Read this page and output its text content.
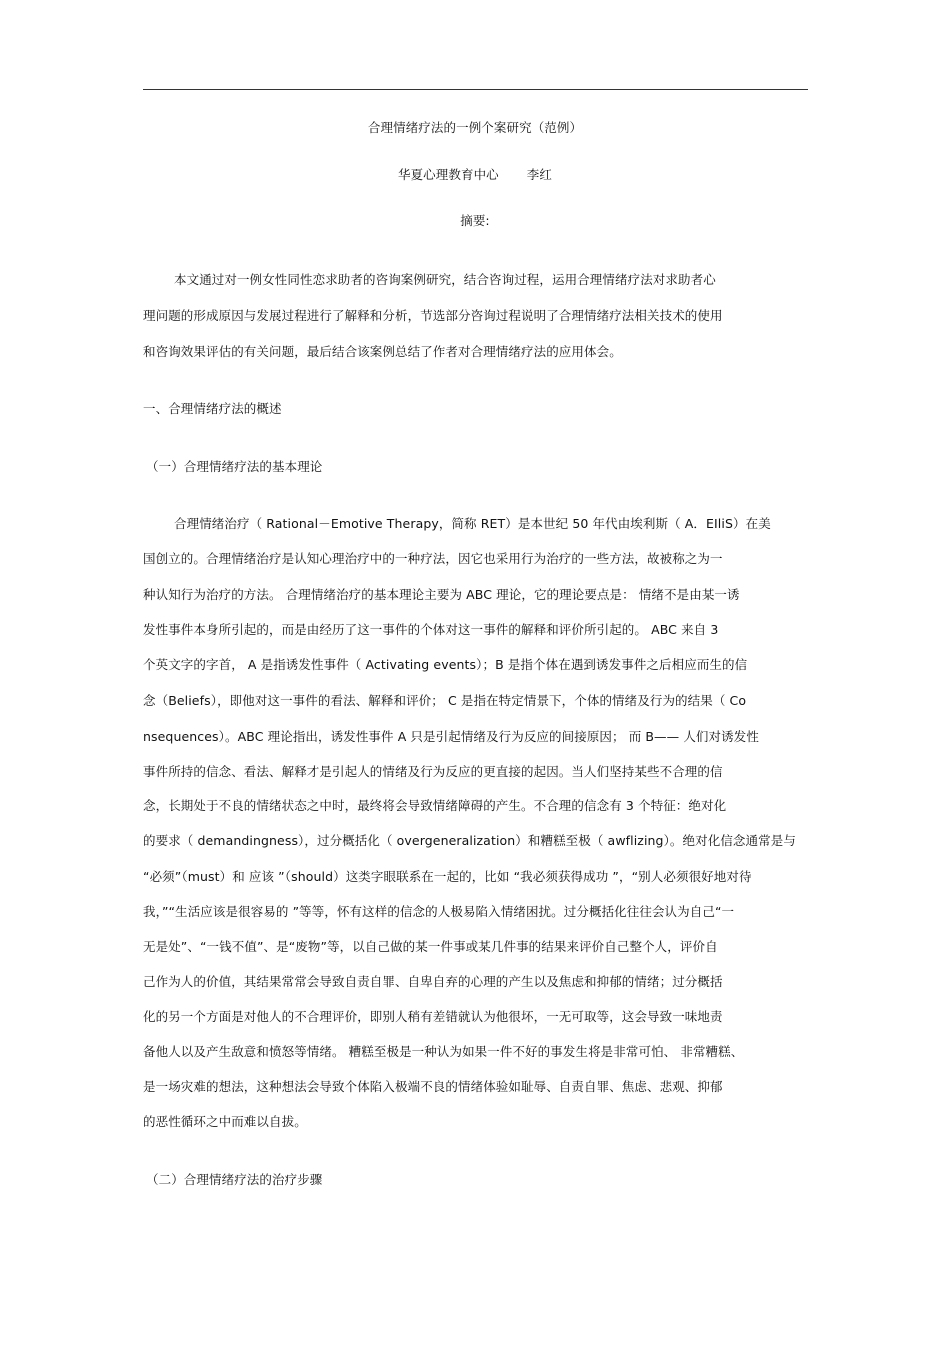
合理情绪疗法的一例个案研究（范例）
华夏心理教育中心 李红
摘要:
本文通过对一例女性同性恋求助者的咨询案例研究，结合咨询过程，运用合理情绪疗法对求助者心
理问题的形成原因与发展过程进行了解释和分析，节选部分咨询过程说明了合理情绪疗法相关技术的使用
和咨询效果评估的有关问题，最后结合该案例总结了作者对合理情绪疗法的应用体会。
一、合理情绪疗法的概述
（一）合理情绪疗法的基本理论
合理情绪治疗（ Rational－Emotive Therapy，简称 RET）是本世纪 50 年代由埃利斯（ A．EIliS）在美
国创立的。合理情绪治疗是认知心理治疗中的一种疗法，因它也采用行为治疗的一些方法，故被称之为一
种认知行为治疗的方法。 合理情绪治疗的基本理论主要为 ABC 理论，它的理论要点是： 情绪不是由某一诱
发性事件本身所引起的，而是由经历了这一事件的个体对这一事件的解释和评价所引起的。 ABC 来自 3
个英文字的字首， A 是指诱发性事件（ Activating events）；B 是指个体在遇到诱发事件之后相应而生的信
念（Beliefs），即他对这一事件的看法、解释和评价； C 是指在特定情景下，个体的情绪及行为的结果（ Co
nsequences）。ABC 理论指出，诱发性事件 A 只是引起情绪及行为反应的间接原因； 而 B—— 人们对诱发性
事件所持的信念、看法、解释才是引起人的情绪及行为反应的更直接的起因。当人们坚持某些不合理的信
念，长期处于不良的情绪状态之中时，最终将会导致情绪障碍的产生。不合理的信念有 3 个特征：绝对化
的要求（ demandingness），过分概括化（ overgeneralization）和糟糕至极（ awflizing）。绝对化信念通常是与
“必须”（must）和 应该 ”（should）这类字眼联系在一起的，比如 “我必须获得成功 ”，“别人必须很好地对待
我，”“生活应该是很容易的 ”等等，怀有这样的信念的人极易陷入情绪困扰。过分概括化往往会认为自己“一
无是处”、“一钱不值”、是“废物”等，以自己做的某一件事或某几件事的结果来评价自己整个人，评价自
己作为人的价值，其结果常常会导致自责自罪、自卑自弃的心理的产生以及焦虑和抑郁的情绪；过分概括
化的另一个方面是对他人的不合理评价，即别人稍有差错就认为他很坏，一无可取等，这会导致一味地责
备他人以及产生敌意和愤怒等情绪。 糟糕至极是一种认为如果一件不好的事发生将是非常可怕、 非常糟糕、
是一场灾难的想法，这种想法会导致个体陷入极端不良的情绪体验如耻辱、自责自罪、焦虑、悲观、抑郁
的恶性循环之中而难以自拔。
（二）合理情绪疗法的治疗步骤
